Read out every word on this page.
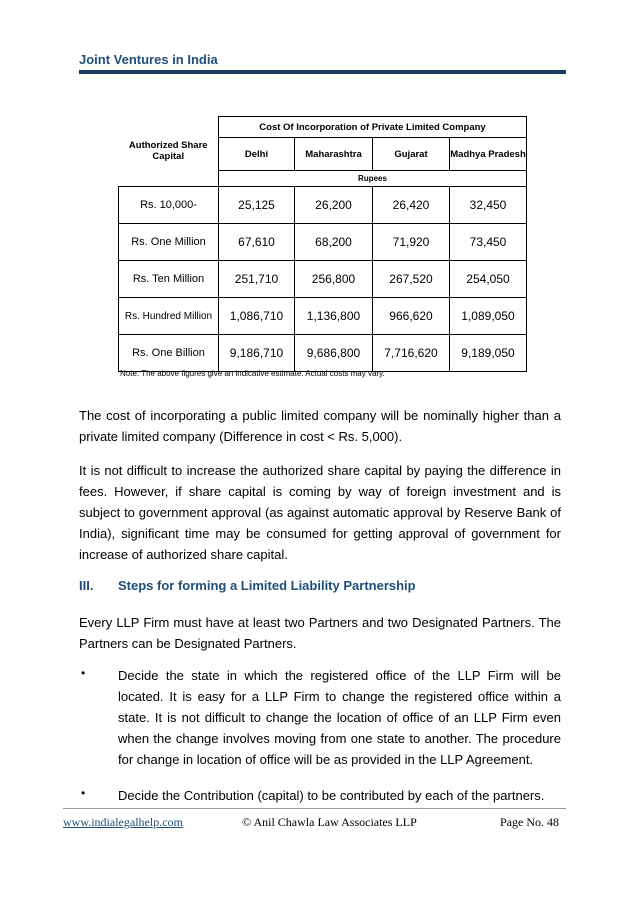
Joint Ventures in India
Authorized Share Capital	Cost Of Incorporation of Private Limited Company			
	Delhi	Maharashtra	Gujarat	Madhya Pradesh
	Rupees			
Rs. 10,000-	25,125	26,200	26,420	32,450
Rs. One Million	67,610	68,200	71,920	73,450
Rs. Ten Million	251,710	256,800	267,520	254,050
Rs. Hundred Million	1,086,710	1,136,800	966,620	1,089,050
Rs. One Billion	9,186,710	9,686,800	7,716,620	9,189,050
Note: The above figures give an indicative estimate. Actual costs may vary.

The cost of incorporating a public limited company will be nominally higher than a private limited company (Difference in cost < Rs. 5,000).

It is not difficult to increase the authorized share capital by paying the difference in fees. However, if share capital is coming by way of foreign investment and is subject to government approval (as against automatic approval by Reserve Bank of India), significant time may be consumed for getting approval of government for increase of authorized share capital.

III. Steps for forming a Limited Liability Partnership

Every LLP Firm must have at least two Partners and two Designated Partners. The Partners can be Designated Partners.

•	Decide the state in which the registered office of the LLP Firm will be located. It is easy for a LLP Firm to change the registered office within a state. It is not difficult to change the location of office of an LLP Firm even when the change involves moving from one state to another. The procedure for change in location of office will be as provided in the LLP Agreement.

•	Decide the Contribution (capital) to be contributed by each of the partners.

www.indialegalhelp.com	© Anil Chawla Law Associates LLP	Page No. 48
